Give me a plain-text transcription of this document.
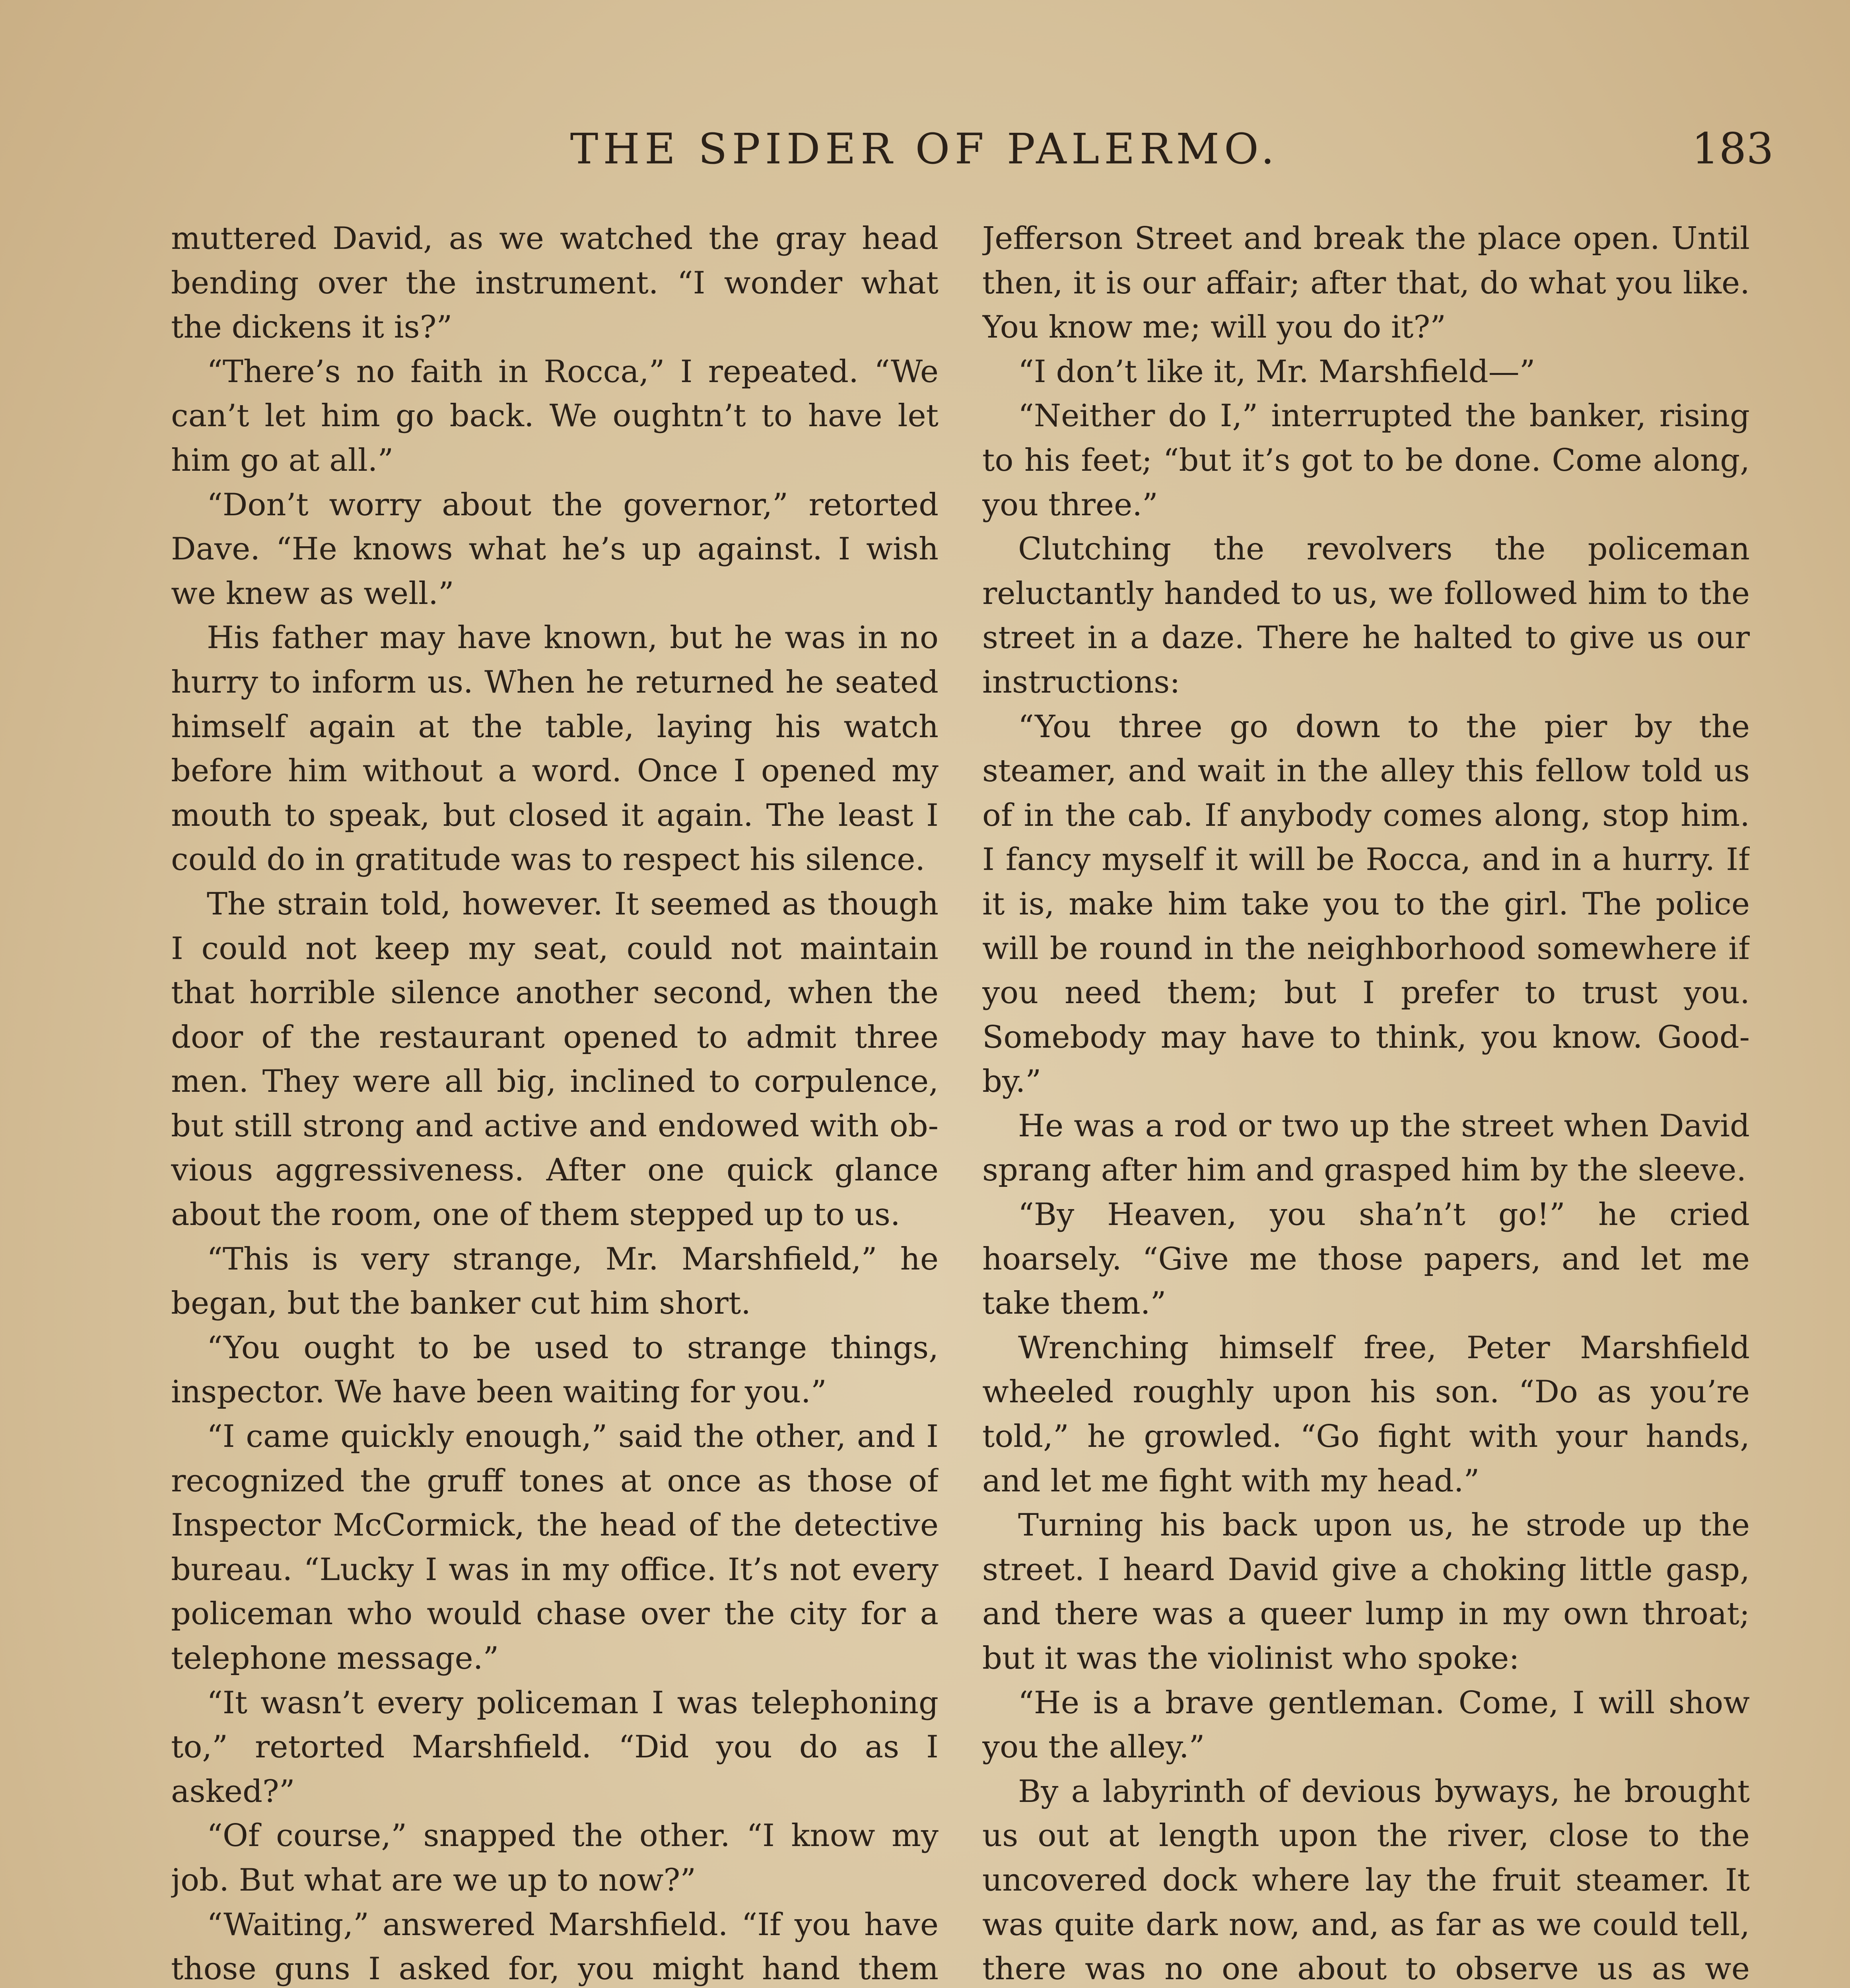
THE SPIDER OF PALERMO.	183

muttered David, as we watched the gray head bending over the instrument. “I wonder what the dickens it is?”

“There’s no faith in Rocca,” I repeated. “We can’t let him go back. We oughtn’t to have let him go at all.”

“Don’t worry about the governor,” retorted Dave. “He knows what he’s up against. I wish we knew as well.”

His father may have known, but he was in no hurry to inform us. When he returned he seated himself again at the table, laying his watch before him without a word. Once I opened my mouth to speak, but closed it again. The least I could do in gratitude was to respect his silence.

The strain told, however. It seemed as though I could not keep my seat, could not maintain that horrible silence another second, when the door of the restaurant opened to admit three men. They were all big, inclined to corpulence, but still strong and active and endowed with obvious aggressiveness. After one quick glance about the room, one of them stepped up to us.

“This is very strange, Mr. Marshfield,” he began, but the banker cut him short.

“You ought to be used to strange things, inspector. We have been waiting for you.”

“I came quickly enough,” said the other, and I recognized the gruff tones at once as those of Inspector McCormick, the head of the detective bureau. “Lucky I was in my office. It’s not every policeman who would chase over the city for a telephone message.”

“It wasn’t every policeman I was telephoning to,” retorted Marshfield. “Did you do as I asked?”

“Of course,” snapped the other. “I know my job. But what are we up to now?”

“Waiting,” answered Marshfield. “If you have those guns I asked for, you might hand them

Jefferson Street and break the place open. Until then, it is our affair; after that, do what you like. You know me; will you do it?”

“I don’t like it, Mr. Marshfield—”

“Neither do I,” interrupted the banker, rising to his feet; “but it’s got to be done. Come along, you three.”

Clutching the revolvers the policeman reluctantly handed to us, we followed him to the street in a daze. There he halted to give us our instructions:

“You three go down to the pier by the steamer, and wait in the alley this fellow told us of in the cab. If anybody comes along, stop him. I fancy myself it will be Rocca, and in a hurry. If it is, make him take you to the girl. The police will be round in the neighborhood somewhere if you need them; but I prefer to trust you. Somebody may have to think, you know. Good-by.”

He was a rod or two up the street when David sprang after him and grasped him by the sleeve.

“By Heaven, you sha’n’t go!” he cried hoarsely. “Give me those papers, and let me take them.”

Wrenching himself free, Peter Marshfield wheeled roughly upon his son. “Do as you’re told,” he growled. “Go fight with your hands, and let me fight with my head.”

Turning his back upon us, he strode up the street. I heard David give a choking little gasp, and there was a queer lump in my own throat; but it was the violinist who spoke:

“He is a brave gentleman. Come, I will show you the alley.”

By a labyrinth of devious byways, he brought us out at length upon the river, close to the uncovered dock where lay the fruit steamer. It was quite dark now, and, as far as we could tell, there was no one about to observe us as we
